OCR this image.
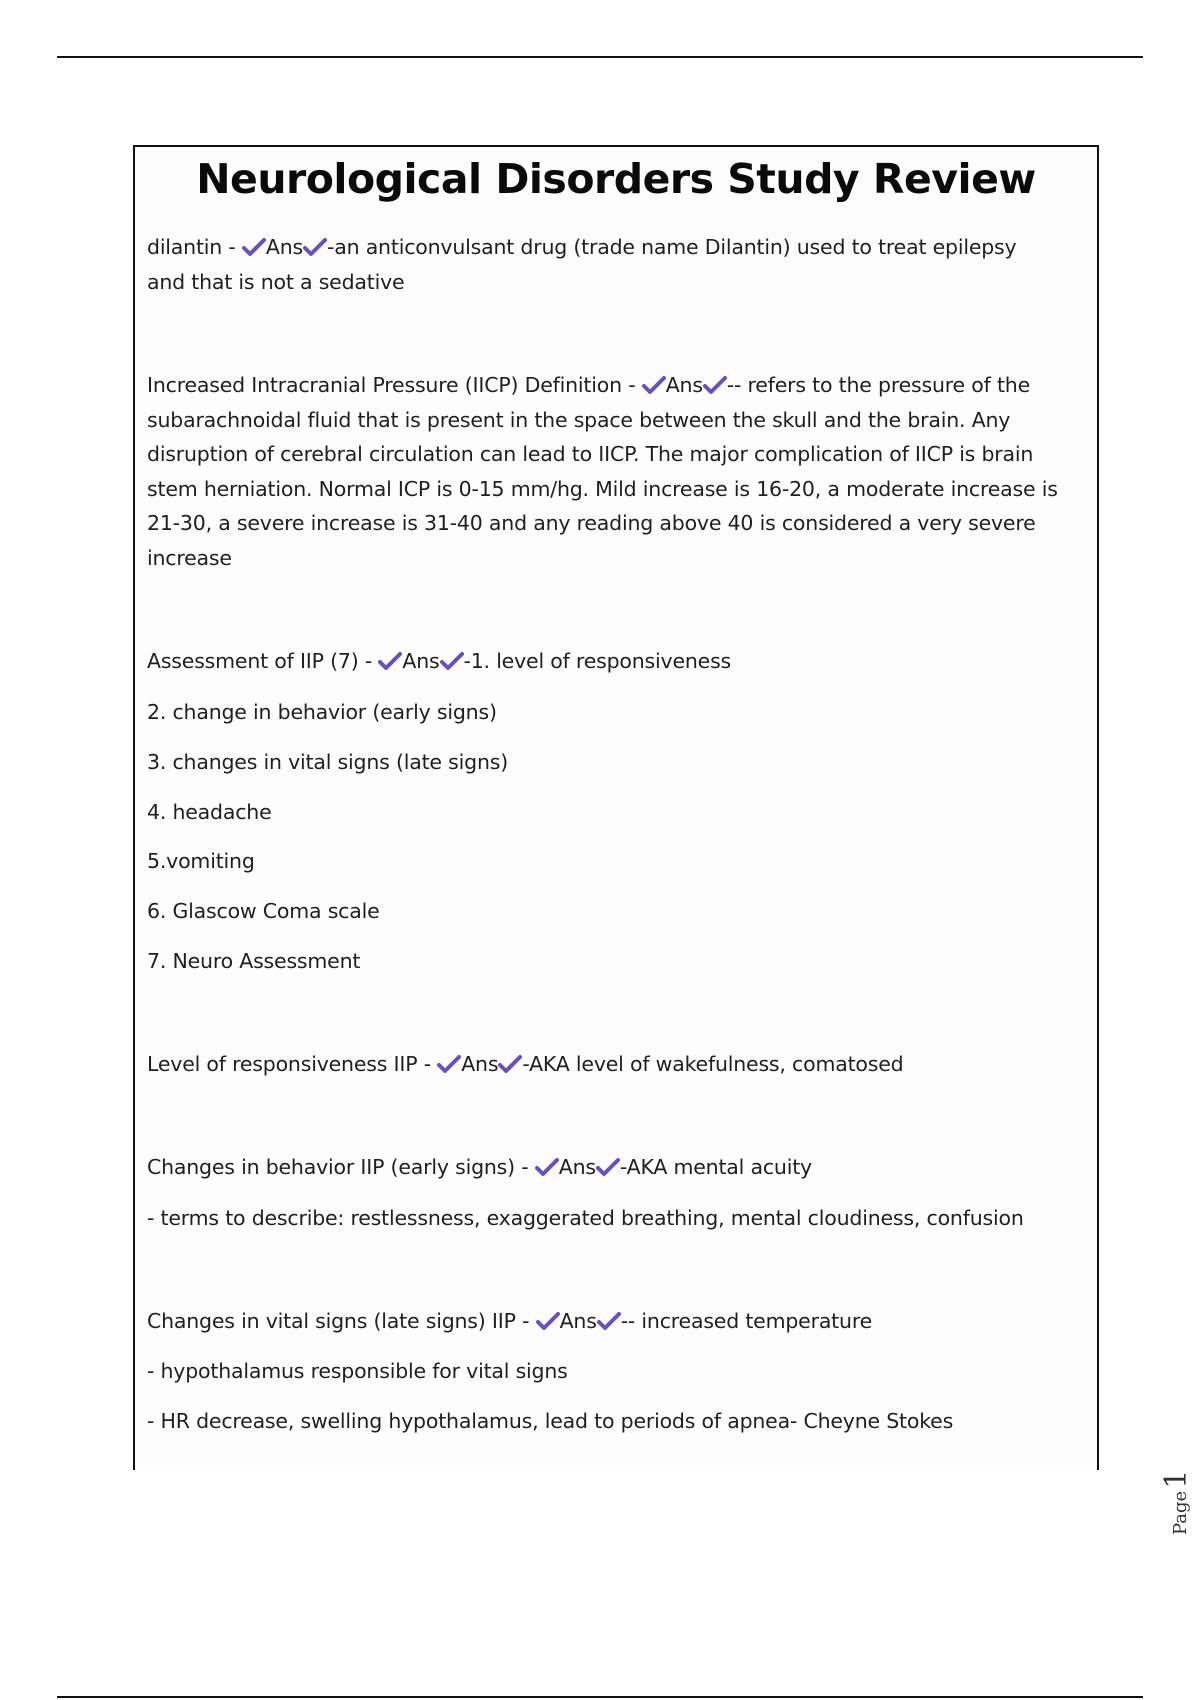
Neurological Disorders Study Review

dilantin -
Ans -an anticonvulsant drug (trade name Dilantin) used to treat epilepsy
and that is not a sedative

Increased Intracranial Pressure (IICP) Definition -
Ans -- refers to the pressure of the
subarachnoidal fluid that is present in the space between the skull and the brain. Any
disruption of cerebral circulation can lead to IICP. The major complication of IICP is brain
stem herniation. Normal ICP is 0-15 mm/hg. Mild increase is 16-20, a moderate increase is
21-30, a severe increase is 31-40 and any reading above 40 is considered a very severe
increase

Assessment of IIP (7) -
Ans -1. level of responsiveness

2. change in behavior (early signs)

3. changes in vital signs (late signs)

4. headache

5.vomiting

6. Glascow Coma scale

7. Neuro Assessment

Level of responsiveness IIP -
Ans -AKA level of wakefulness, comatosed

Changes in behavior IIP (early signs) -
Ans -AKA mental acuity

- terms to describe: restlessness, exaggerated breathing, mental cloudiness, confusion

Changes in vital signs (late signs) IIP -
Ans -- increased temperature

- hypothalamus responsible for vital signs

- HR decrease, swelling hypothalamus, lead to periods of apnea- Cheyne Stokes

Page1
